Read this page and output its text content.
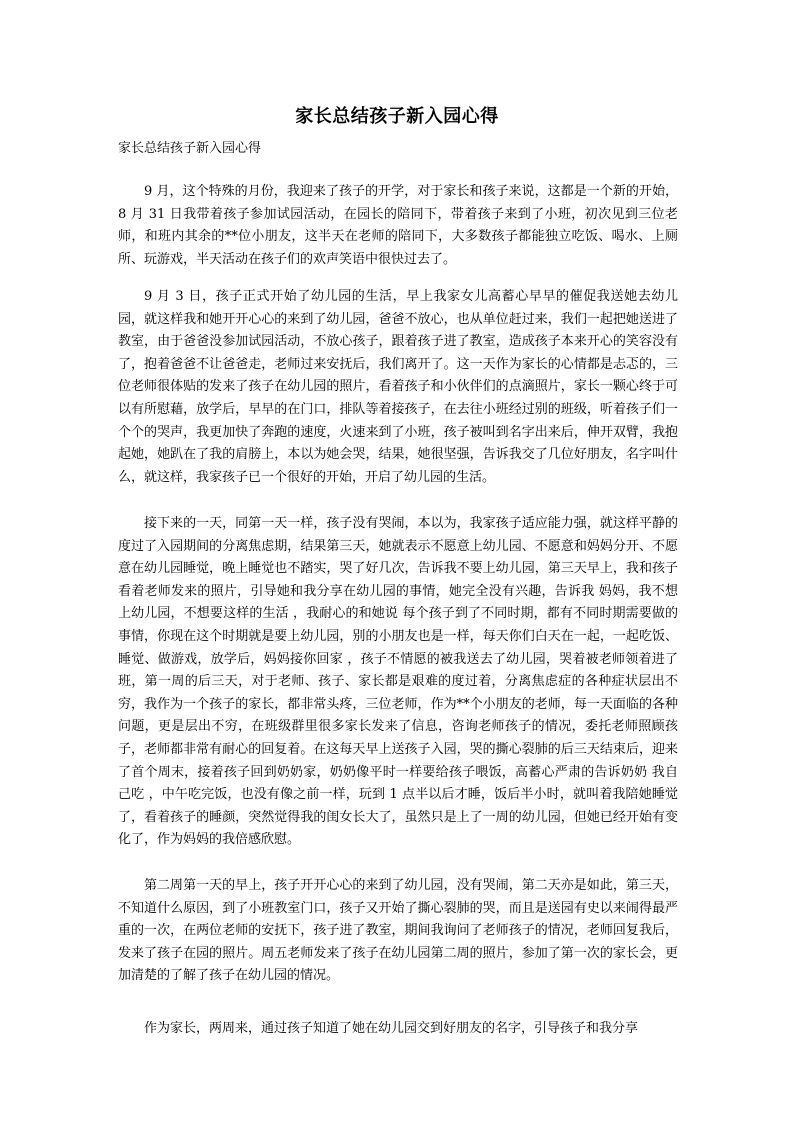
家长总结孩子新入园心得
家长总结孩子新入园心得

9 月，这个特殊的月份，我迎来了孩子的开学，对于家长和孩子来说，这都是一个新的开始，8 月 31 日我带着孩子参加试园活动，在园长的陪同下，带着孩子来到了小班，初次见到三位老师，和班内其余的**位小朋友，这半天在老师的陪同下，大多数孩子都能独立吃饭、喝水、上厕所、玩游戏，半天活动在孩子们的欢声笑语中很快过去了。

9 月 3 日，孩子正式开始了幼儿园的生活，早上我家女儿高蓄心早早的催促我送她去幼儿园，就这样我和她开开心心的来到了幼儿园，爸爸不放心，也从单位赶过来，我们一起把她送进了教室，由于爸爸没参加试园活动，不放心孩子，跟着孩子进了教室，造成孩子本来开心的笑容没有了，抱着爸爸不让爸爸走，老师过来安抚后，我们离开了。这一天作为家长的心情都是忐忑的，三位老师很体贴的发来了孩子在幼儿园的照片，看着孩子和小伙伴们的点滴照片，家长一颗心终于可以有所慰藉，放学后，早早的在门口，排队等着接孩子，在去往小班经过别的班级，听着孩子们一个个的哭声，我更加快了奔跑的速度，火速来到了小班，孩子被叫到名字出来后，伸开双臂，我抱起她，她趴在了我的肩膀上，本以为她会哭，结果，她很坚强，告诉我交了几位好朋友，名字叫什么，就这样，我家孩子已一个很好的开始，开启了幼儿园的生活。

接下来的一天，同第一天一样，孩子没有哭闹，本以为，我家孩子适应能力强，就这样平静的度过了入园期间的分离焦虑期，结果第三天，她就表示不愿意上幼儿园、不愿意和妈妈分开、不愿意在幼儿园睡觉，晚上睡觉也不踏实，哭了好几次，告诉我不要上幼儿园，第三天早上，我和孩子看着老师发来的照片，引导她和我分享在幼儿园的事情，她完全没有兴趣，告诉我 妈妈，我不想上幼儿园，不想要这样的生活 ，我耐心的和她说 每个孩子到了不同时期，都有不同时期需要做的事情，你现在这个时期就是要上幼儿园，别的小朋友也是一样，每天你们白天在一起，一起吃饭、睡觉、做游戏，放学后，妈妈接你回家 ，孩子不情愿的被我送去了幼儿园，哭着被老师领着进了班，第一周的后三天，对于老师、孩子、家长都是艰难的度过着，分离焦虑症的各种症状层出不穷，我作为一个孩子的家长，都非常头疼，三位老师，作为**个小朋友的老师，每一天面临的各种问题，更是层出不穷，在班级群里很多家长发来了信息，咨询老师孩子的情况，委托老师照顾孩子，老师都非常有耐心的回复着。在这每天早上送孩子入园，哭的撕心裂肺的后三天结束后，迎来了首个周末，接着孩子回到奶奶家，奶奶像平时一样要给孩子喂饭，高蓄心严肃的告诉奶奶 我自己吃 ，中午吃完饭，也没有像之前一样，玩到 1 点半以后才睡，饭后半小时，就叫着我陪她睡觉了，看着孩子的睡颜，突然觉得我的闺女长大了，虽然只是上了一周的幼儿园，但她已经开始有变化了，作为妈妈的我倍感欣慰。

第二周第一天的早上，孩子开开心心的来到了幼儿园，没有哭闹，第二天亦是如此，第三天，不知道什么原因，到了小班教室门口，孩子又开始了撕心裂肺的哭，而且是送园有史以来闹得最严重的一次，在两位老师的安抚下，孩子进了教室，期间我询问了老师孩子的情况，老师回复我后，发来了孩子在园的照片。周五老师发来了孩子在幼儿园第二周的照片，参加了第一次的家长会，更加清楚的了解了孩子在幼儿园的情况。

作为家长，两周来，通过孩子知道了她在幼儿园交到好朋友的名字，引导孩子和我分享
